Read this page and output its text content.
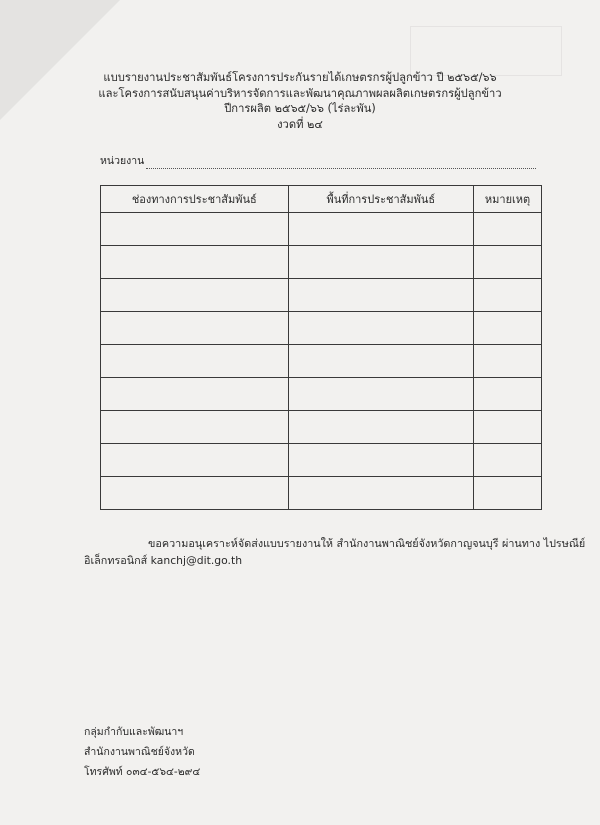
แบบรายงานประชาสัมพันธ์โครงการประกันรายได้เกษตรกรผู้ปลูกข้าว ปี ๒๕๖๕/๖๖
และโครงการสนับสนุนค่าบริหารจัดการและพัฒนาคุณภาพผลผลิตเกษตรกรผู้ปลูกข้าว
ปีการผลิต ๒๕๖๕/๖๖ (ไร่ละพัน)
งวดที่ ๒๔
หน่วยงาน
ช่องทางการประชาสัมพันธ์	พื้นที่การประชาสัมพันธ์	หมายเหตุ

ขอความอนุเคราะห์จัดส่งแบบรายงานให้ สำนักงานพาณิชย์จังหวัดกาญจนบุรี ผ่านทาง ไปรษณีย์
อิเล็กทรอนิกส์ kanchj@dit.go.th
กลุ่มกำกับและพัฒนาฯ
สำนักงานพาณิชย์จังหวัด
โทรศัพท์ ๐๓๔-๕๖๔-๒๙๔
